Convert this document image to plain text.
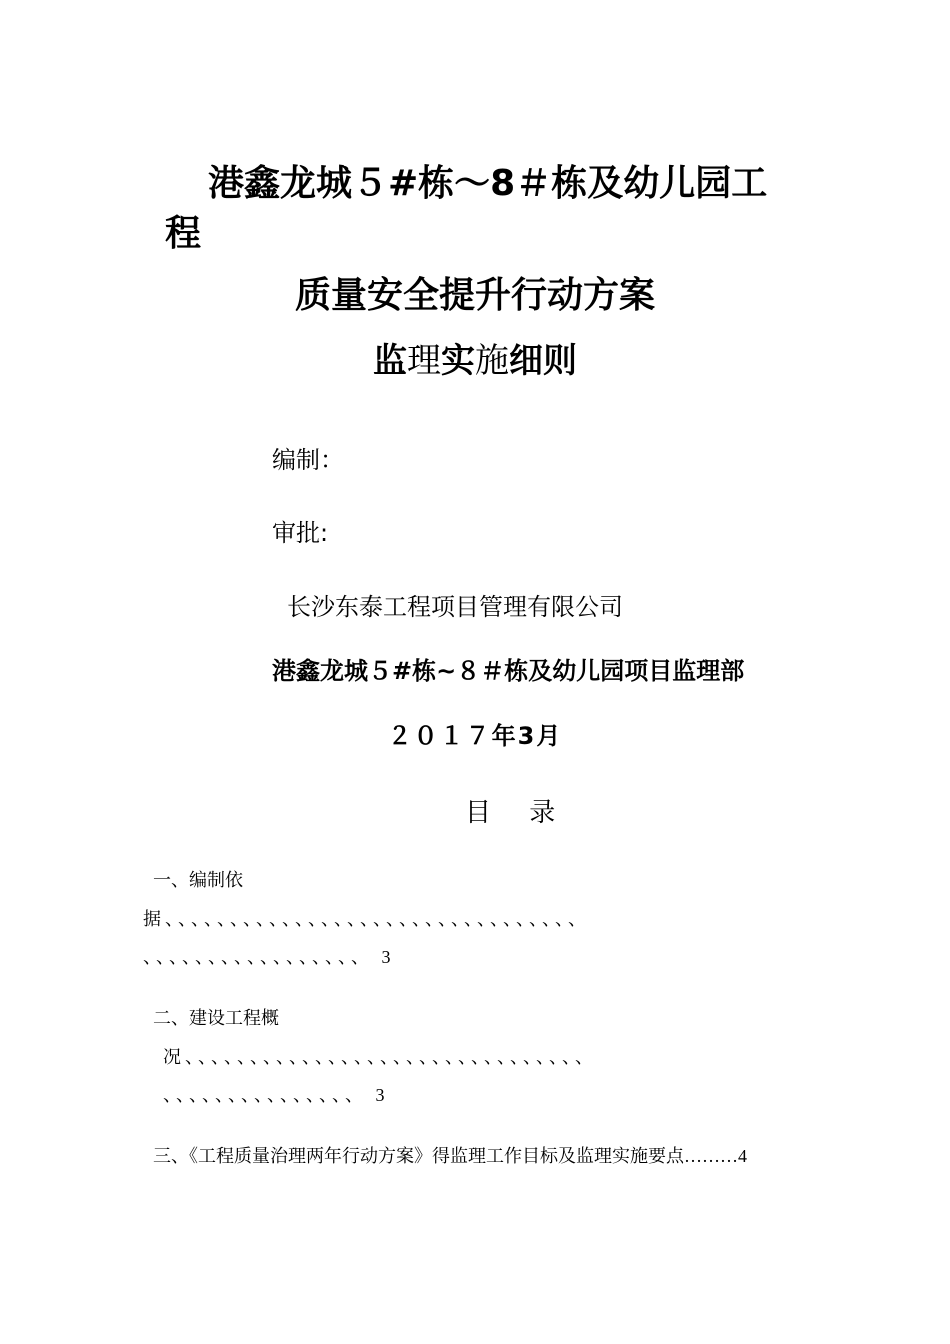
港鑫龙城５#栋～8＃栋及幼儿园工
程
质量安全提升行动方案
监理实施细则
编制：
审批:
长沙东泰工程项目管理有限公司
港鑫龙城５#栋~８＃栋及幼儿园项目监理部
２０１７年3月
目 录
一、编制依
据、、、、、、、、、、、、、、、、、、、、、、、、、、、、、、、、
、、、、、、、、、、、、、、、、、 3
二、建设工程概
况、、、、、、、、、、、、、、、、、、、、、、、、、、、、、、、
、、、、、、、、、、、、、、、 3
三、《工程质量治理两年行动方案》得监理工作目标及监理实施要点………4
